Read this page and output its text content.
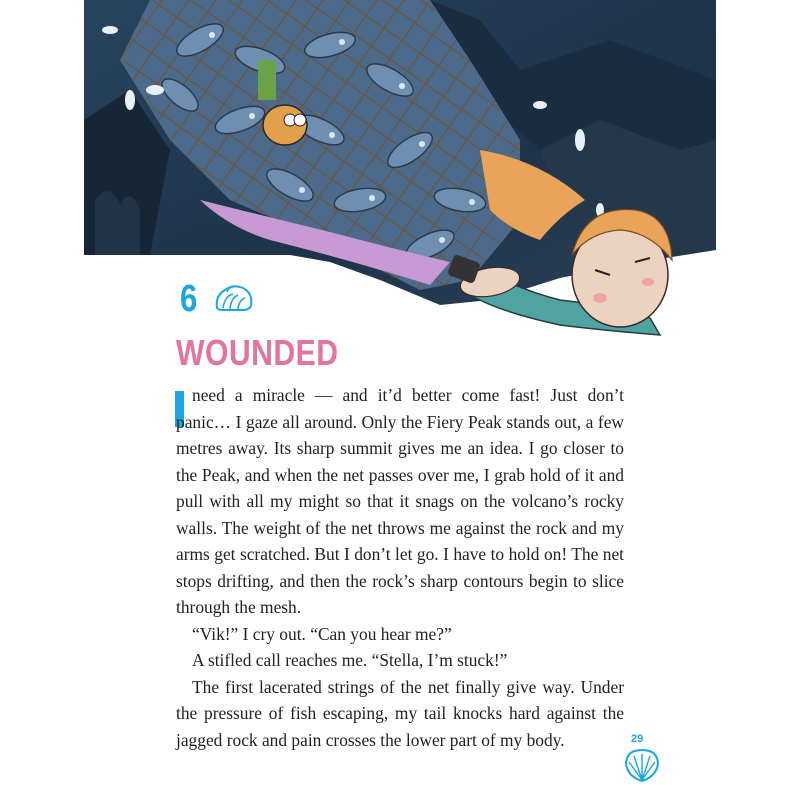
6
WOUNDED

need a miracle — and it’d better come fast! Just don’t panic… I gaze all around. Only the Fiery Peak stands out, a few metres away. Its sharp summit gives me an idea. I go closer to the Peak, and when the net passes over me, I grab hold of it and pull with all my might so that it snags on the volcano’s rocky walls. The weight of the net throws me against the rock and my arms get scratched. But I don’t let go. I have to hold on! The net stops drifting, and then the rock’s sharp contours begin to slice through the mesh.

“Vik!” I cry out. “Can you hear me?”

A stifled call reaches me. “Stella, I’m stuck!”

The first lacerated strings of the net finally give way. Under the pressure of fish escaping, my tail knocks hard against the jagged rock and pain crosses the lower part of my body.	29
